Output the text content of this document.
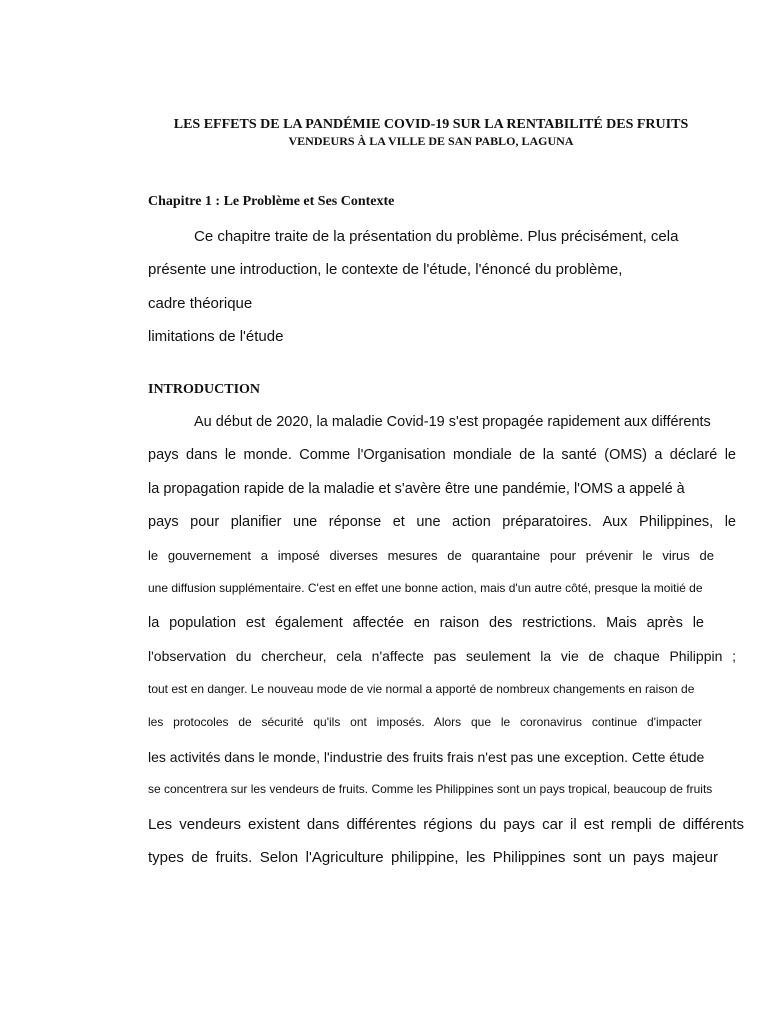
LES EFFETS DE LA PANDÉMIE COVID-19 SUR LA RENTABILITÉ DES FRUITS
VENDEURS À LA VILLE DE SAN PABLO, LAGUNA
Chapitre 1 : Le Problème et Ses Contexte
Ce chapitre traite de la présentation du problème. Plus précisément, cela
présente une introduction, le contexte de l'étude, l'énoncé du problème,
cadre théorique
limitations de l'étude
INTRODUCTION
Au début de 2020, la maladie Covid-19 s'est propagée rapidement aux différents
pays dans le monde. Comme l'Organisation mondiale de la santé (OMS) a déclaré le
la propagation rapide de la maladie et s'avère être une pandémie, l'OMS a appelé à
pays pour planifier une réponse et une action préparatoires. Aux Philippines, le
le gouvernement a imposé diverses mesures de quarantaine pour prévenir le virus de
une diffusion supplémentaire. C'est en effet une bonne action, mais d'un autre côté, presque la moitié de
la population est également affectée en raison des restrictions. Mais après le
l'observation du chercheur, cela n'affecte pas seulement la vie de chaque Philippin ;
tout est en danger. Le nouveau mode de vie normal a apporté de nombreux changements en raison de
les protocoles de sécurité qu'ils ont imposés. Alors que le coronavirus continue d'impacter
les activités dans le monde, l'industrie des fruits frais n'est pas une exception. Cette étude
se concentrera sur les vendeurs de fruits. Comme les Philippines sont un pays tropical, beaucoup de fruits
Les vendeurs existent dans différentes régions du pays car il est rempli de différents
types de fruits. Selon l'Agriculture philippine, les Philippines sont un pays majeur
